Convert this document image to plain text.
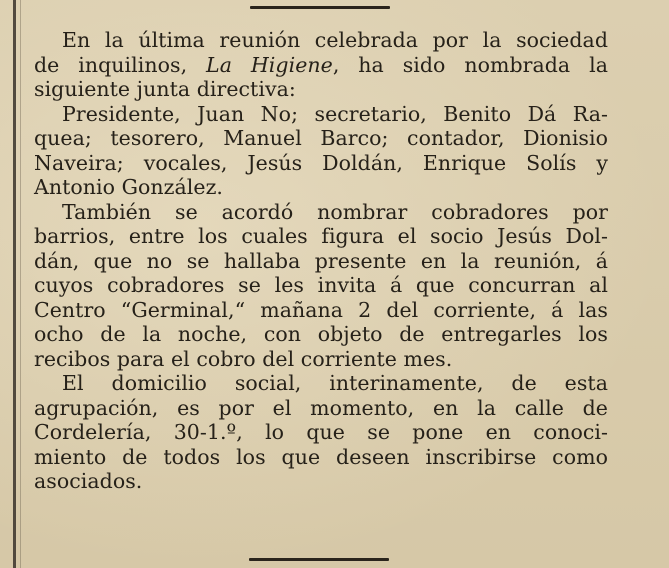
En la última reunión celebrada por la sociedad
de inquilinos, La Higiene, ha sido nombrada la
siguiente junta directiva:

Presidente, Juan No; secretario, Benito Dá Ra-
quea; tesorero, Manuel Barco; contador, Dionisio
Naveira; vocales, Jesús Doldán, Enrique Solís y
Antonio González.

También se acordó nombrar cobradores por
barrios, entre los cuales figura el socio Jesús Dol-
dán, que no se hallaba presente en la reunión, á
cuyos cobradores se les invita á que concurran al
Centro “Germinal,“ mañana 2 del corriente, á las
ocho de la noche, con objeto de entregarles los
recibos para el cobro del corriente mes.

El domicilio social, interinamente, de esta
agrupación, es por el momento, en la calle de
Cordelería, 30-1.º, lo que se pone en conoci-
miento de todos los que deseen inscribirse como
asociados.
